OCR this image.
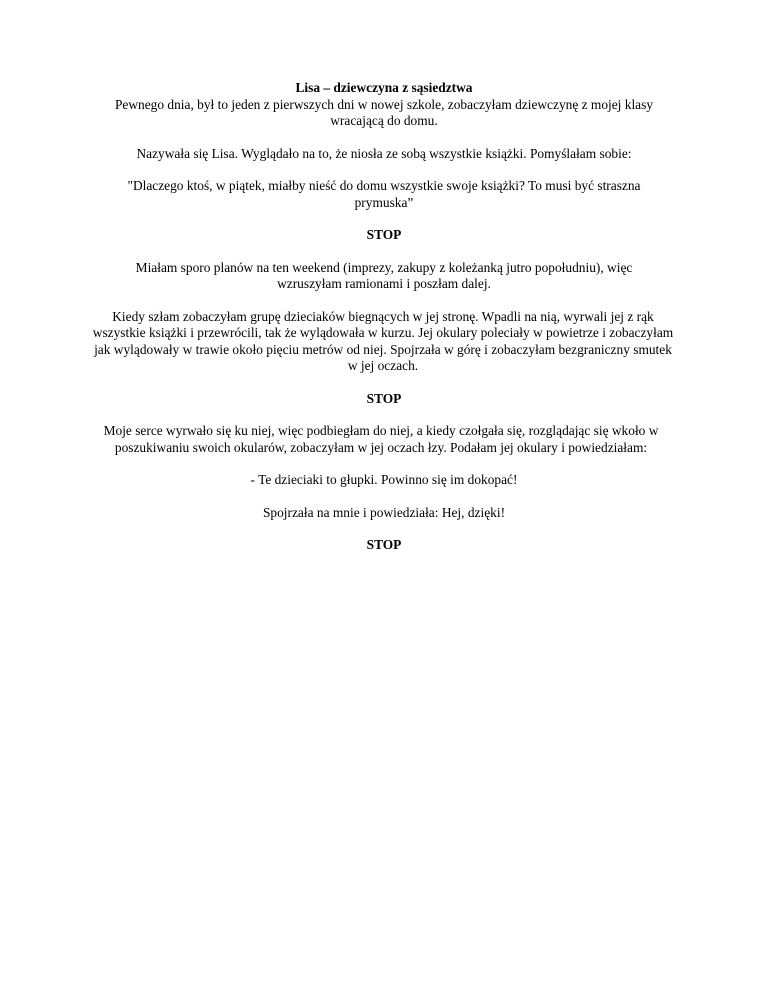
Lisa – dziewczyna z sąsiedztwa

Pewnego dnia, był to jeden z pierwszych dni w nowej szkole, zobaczyłam dziewczynę z mojej klasy wracającą do domu.

Nazywała się Lisa. Wyglądało na to, że niosła ze sobą wszystkie książki. Pomyślałam sobie:

"Dlaczego ktoś, w piątek, miałby nieść do domu wszystkie swoje książki? To musi być straszna prymuska”

STOP

Miałam sporo planów na ten weekend (imprezy, zakupy z koleżanką jutro popołudniu), więc wzruszyłam ramionami i poszłam dalej.

Kiedy szłam zobaczyłam grupę dzieciaków biegnących w jej stronę. Wpadli na nią, wyrwali jej z rąk wszystkie książki i przewrócili, tak że wylądowała w kurzu. Jej okulary poleciały w powietrze i zobaczyłam jak wylądowały w trawie około pięciu metrów od niej. Spojrzała w górę i zobaczyłam bezgraniczny smutek w jej oczach.

STOP

Moje serce wyrwało się ku niej, więc podbiegłam do niej, a kiedy czołgała się, rozglądając się wkoło w poszukiwaniu swoich okularów, zobaczyłam w jej oczach łzy. Podałam jej okulary i powiedziałam:

- Te dzieciaki to głupki. Powinno się im dokopać!

Spojrzała na mnie i powiedziała: Hej, dzięki!

STOP
